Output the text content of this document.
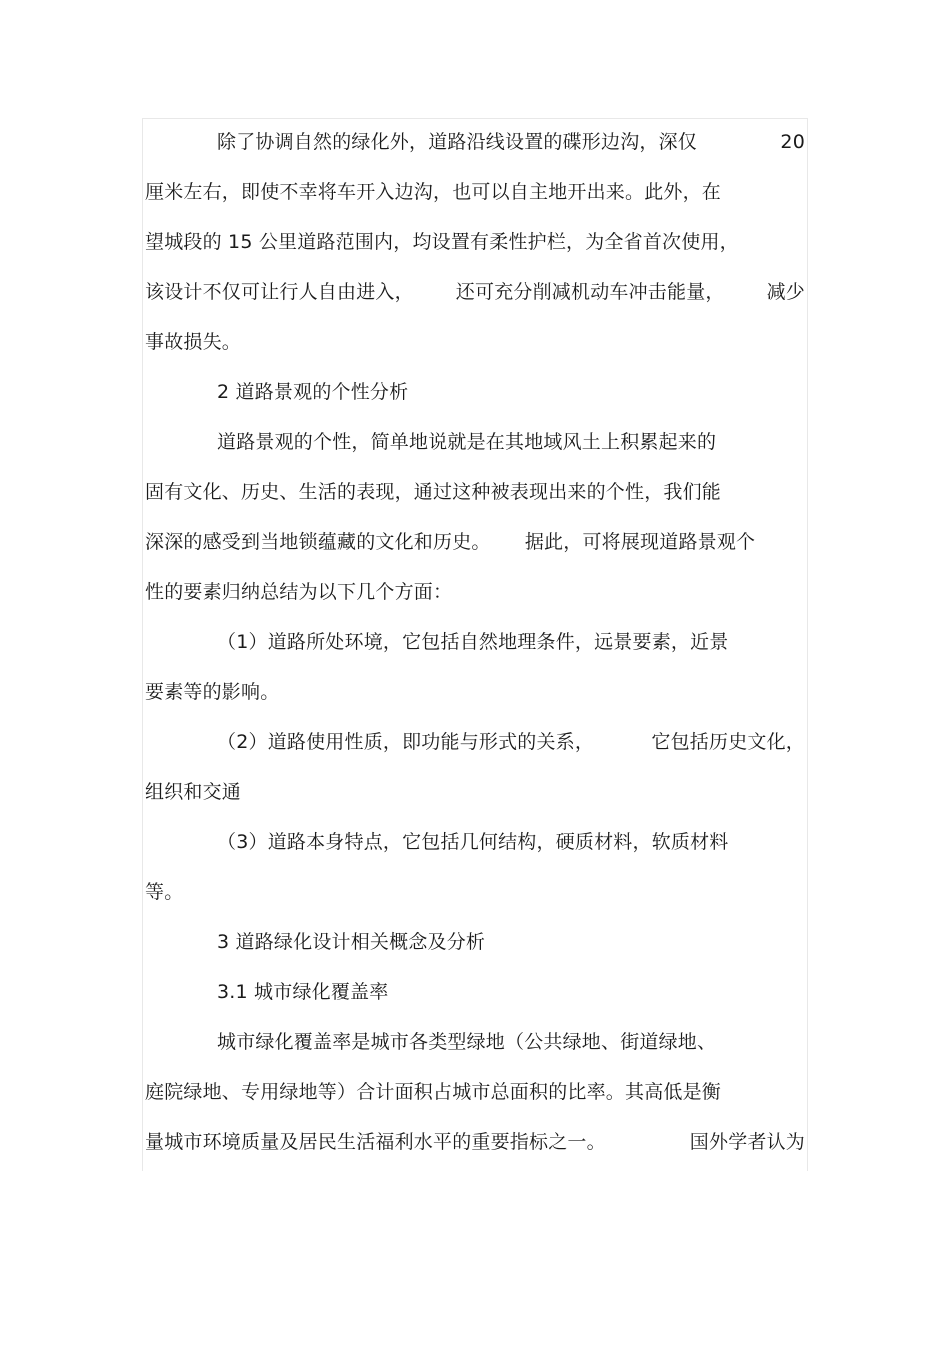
除了协调自然的绿化外，道路沿线设置的碟形边沟，深仅	20
厘米左右，即使不幸将车开入边沟，也可以自主地开出来。此外，在
望城段的 15 公里道路范围内，均设置有柔性护栏，为全省首次使用，
该设计不仅可让行人自由进入， 还可充分削减机动车冲击能量， 减少
事故损失。
2 道路景观的个性分析
道路景观的个性，简单地说就是在其地域风土上积累起来的
固有文化、历史、生活的表现，通过这种被表现出来的个性，我们能
深深的感受到当地锁蕴藏的文化和历史。 据此，可将展现道路景观个
性的要素归纳总结为以下几个方面：
（1）道路所处环境，它包括自然地理条件，远景要素，近景
要素等的影响。
（2）道路使用性质，即功能与形式的关系，	它包括历史文化，
组织和交通
（3）道路本身特点，它包括几何结构，硬质材料，软质材料
等。
3 道路绿化设计相关概念及分析
3.1 城市绿化覆盖率
城市绿化覆盖率是城市各类型绿地（公共绿地、街道绿地、
庭院绿地、专用绿地等）合计面积占城市总面积的比率。其高低是衡
量城市环境质量及居民生活福利水平的重要指标之一。	国外学者认为
